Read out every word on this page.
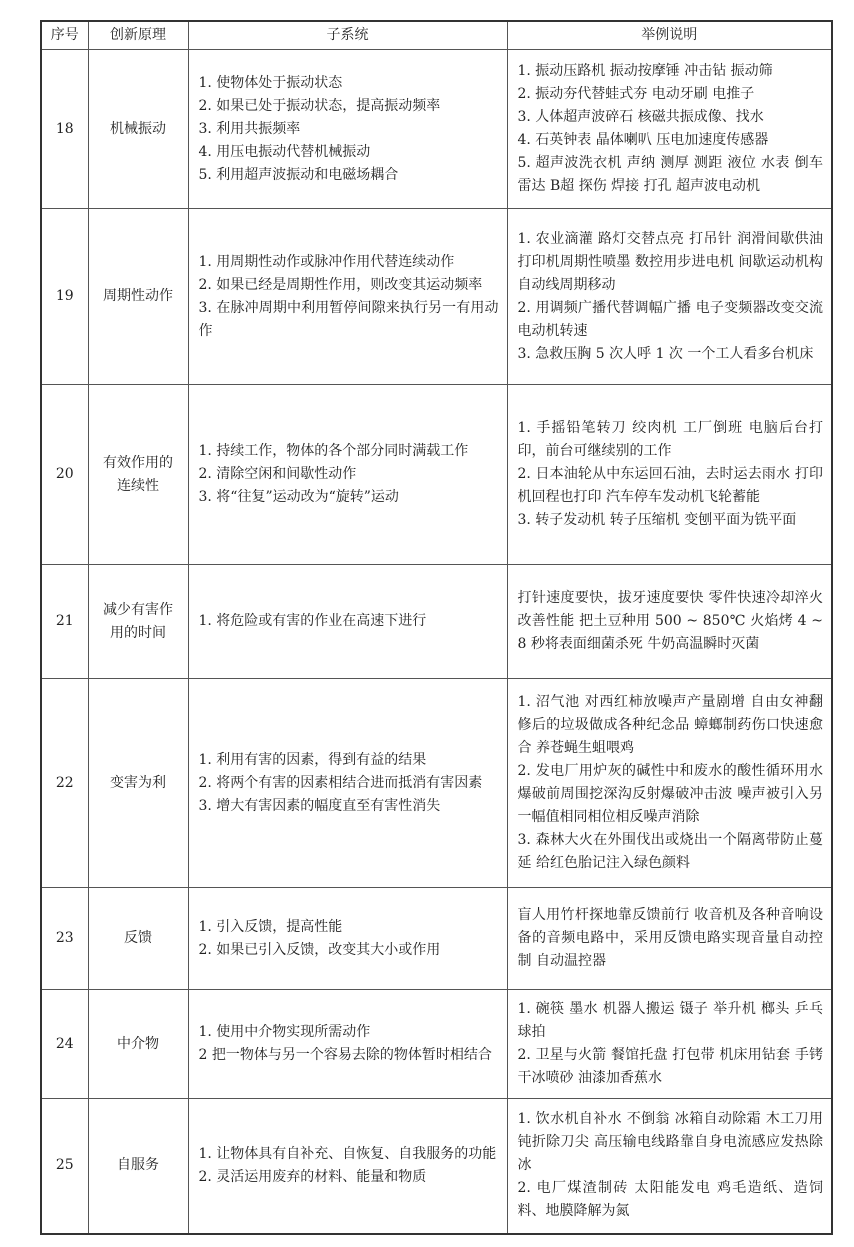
序号	创新原理	子系统	举例说明
18	机械振动	1. 使物体处于振动状态
2. 如果已处于振动状态，提高振动频率
3. 利用共振频率
4. 用压电振动代替机械振动
5. 利用超声波振动和电磁场耦合	1. 振动压路机 振动按摩锤 冲击钻 振动筛
2. 振动夯代替蛙式夯 电动牙刷 电推子
3. 人体超声波碎石 核磁共振成像、找水
4. 石英钟表 晶体喇叭 压电加速度传感器
5. 超声波洗衣机 声纳 测厚 测距 液位 水表 倒车雷达 B超 探伤 焊接 打孔 超声波电动机

19	周期性动作	1. 用周期性动作或脉冲作用代替连续动作
2. 如果已经是周期性作用，则改变其运动频率
3. 在脉冲周期中利用暂停间隙来执行另一有用动作	1. 农业滴灌 路灯交替点亮 打吊针 润滑间歇供油 打印机周期性喷墨 数控用步进电机 间歇运动机构 自动线周期移动
2. 用调频广播代替调幅广播 电子变频器改变交流电动机转速
3. 急救压胸 5 次人呼 1 次 一个工人看多台机床

20	有效作用的连续性	1. 持续工作，物体的各个部分同时满载工作
2. 清除空闲和间歇性动作
3. 将“往复”运动改为“旋转”运动	1. 手摇铅笔转刀 绞肉机 工厂倒班 电脑后台打印，前台可继续别的工作
2. 日本油轮从中东运回石油，去时运去雨水 打印机回程也打印 汽车停车发动机飞轮蓄能
3. 转子发动机 转子压缩机 变刨平面为铣平面

21	减少有害作用的时间	1. 将危险或有害的作业在高速下进行	打针速度要快，拔牙速度要快 零件快速冷却淬火改善性能 把土豆种用 500 ~ 850℃ 火焰烤 4 ~ 8 秒将表面细菌杀死 牛奶高温瞬时灭菌

22	变害为利	1. 利用有害的因素，得到有益的结果
2. 将两个有害的因素相结合进而抵消有害因素
3. 增大有害因素的幅度直至有害性消失	1. 沼气池 对西红柿放噪声产量剧增 自由女神翻修后的垃圾做成各种纪念品 蟑螂制药伤口快速愈合 养苍蝇生蛆喂鸡
2. 发电厂用炉灰的碱性中和废水的酸性循环用水 爆破前周围挖深沟反射爆破冲击波 噪声被引入另一幅值相同相位相反噪声消除
3. 森林大火在外围伐出或烧出一个隔离带防止蔓延 给红色胎记注入绿色颜料

23	反馈	1. 引入反馈，提高性能
2. 如果已引入反馈，改变其大小或作用	盲人用竹杆探地靠反馈前行 收音机及各种音响设备的音频电路中，采用反馈电路实现音量自动控制 自动温控器

24	中介物	1. 使用中介物实现所需动作
2 把一物体与另一个容易去除的物体暂时相结合	1. 碗筷 墨水 机器人搬运 镊子 举升机 榔头 乒乓球拍
2. 卫星与火箭 餐馆托盘 打包带 机床用钻套 手铐 干冰喷砂 油漆加香蕉水

25	自服务	1. 让物体具有自补充、自恢复、自我服务的功能
2. 灵活运用废弃的材料、能量和物质	1. 饮水机自补水 不倒翁 冰箱自动除霜 木工刀用钝折除刀尖 高压输电线路靠自身电流感应发热除冰
2. 电厂煤渣制砖 太阳能发电 鸡毛造纸、造饲料、地膜降解为氮
